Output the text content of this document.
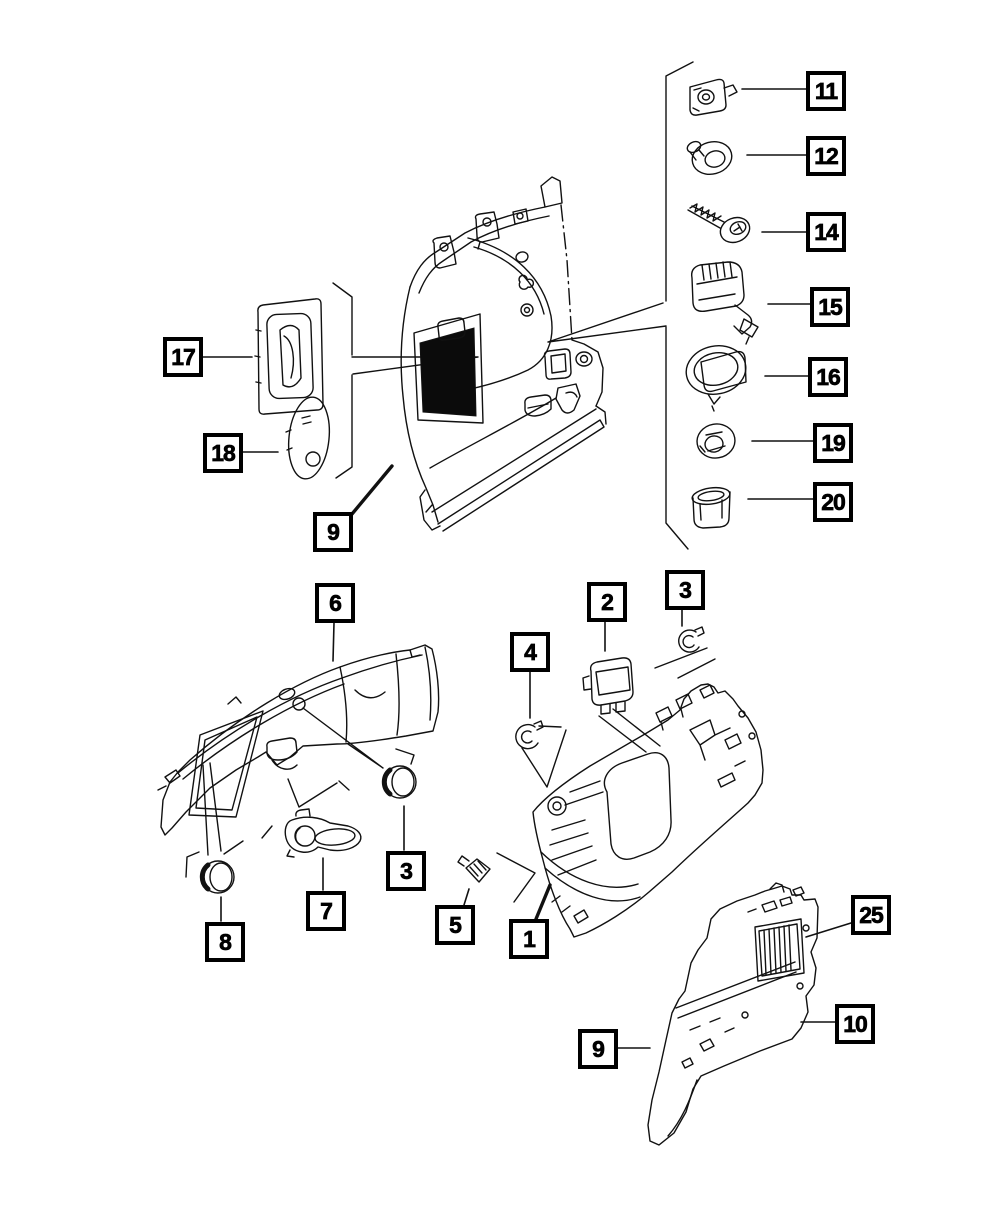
11
12
14
15
16
19
20
17
18
9
6	2	3
4
3
7
8
5
1
25
10
9
